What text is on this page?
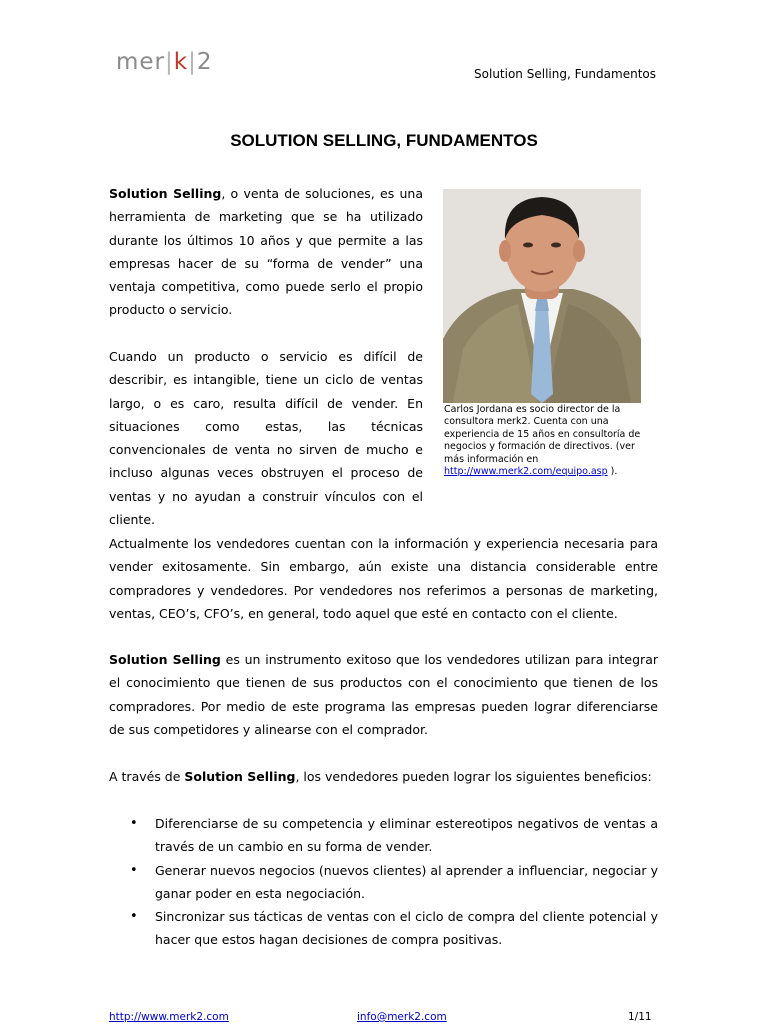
mer|k|2	Solution Selling, Fundamentos
SOLUTION SELLING, FUNDAMENTOS

Solution Selling, o venta de soluciones, es una herramienta de marketing que se ha utilizado durante los últimos 10 años y que permite a las empresas hacer de su “forma de vender” una ventaja competitiva, como puede serlo el propio producto o servicio.

Cuando un producto o servicio es difícil de describir, es intangible, tiene un ciclo de ventas largo, o es caro, resulta difícil de vender. En situaciones como estas, las técnicas convencionales de venta no sirven de mucho e incluso algunas veces obstruyen el proceso de ventas y no ayudan a construir vínculos con el cliente.

Carlos Jordana es socio director de la consultora merk2. Cuenta con una experiencia de 15 años en consultoría de negocios y formación de directivos. (ver más información en http://www.merk2.com/equipo.asp ).

Actualmente los vendedores cuentan con la información y experiencia necesaria para vender exitosamente. Sin embargo, aún existe una distancia considerable entre compradores y vendedores. Por vendedores nos referimos a personas de marketing, ventas, CEO’s, CFO’s, en general, todo aquel que esté en contacto con el cliente.

Solution Selling es un instrumento exitoso que los vendedores utilizan para integrar el conocimiento que tienen de sus productos con el conocimiento que tienen de los compradores. Por medio de este programa las empresas pueden lograr diferenciarse de sus competidores y alinearse con el comprador.

A través de Solution Selling, los vendedores pueden lograr los siguientes beneficios:

• Diferenciarse de su competencia y eliminar estereotipos negativos de ventas a través de un cambio en su forma de vender.
• Generar nuevos negocios (nuevos clientes) al aprender a influenciar, negociar y ganar poder en esta negociación.
• Sincronizar sus tácticas de ventas con el ciclo de compra del cliente potencial y hacer que estos hagan decisiones de compra positivas.
http://www.merk2.com	info@merk2.com	1/11
